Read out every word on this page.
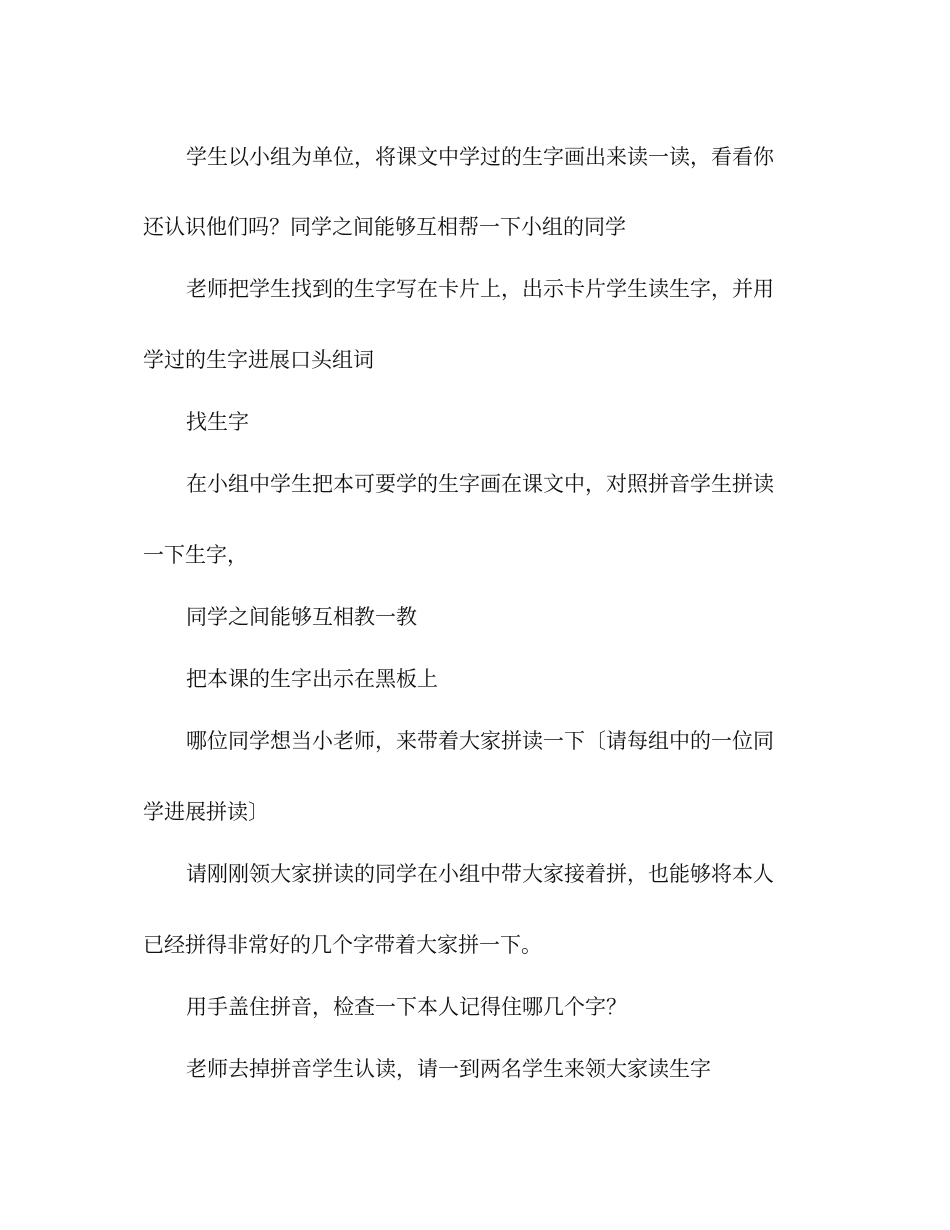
学生以小组为单位，将课文中学过的生字画出来读一读，看看你
还认识他们吗？同学之间能够互相帮一下小组的同学
老师把学生找到的生字写在卡片上，出示卡片学生读生字，并用
学过的生字进展口头组词
找生字
在小组中学生把本可要学的生字画在课文中，对照拼音学生拼读
一下生字，
同学之间能够互相教一教
把本课的生字出示在黑板上
哪位同学想当小老师，来带着大家拼读一下〔请每组中的一位同
学进展拼读〕
请刚刚领大家拼读的同学在小组中带大家接着拼，也能够将本人
已经拼得非常好的几个字带着大家拼一下。
用手盖住拼音，检查一下本人记得住哪几个字？
老师去掉拼音学生认读，请一到两名学生来领大家读生字
